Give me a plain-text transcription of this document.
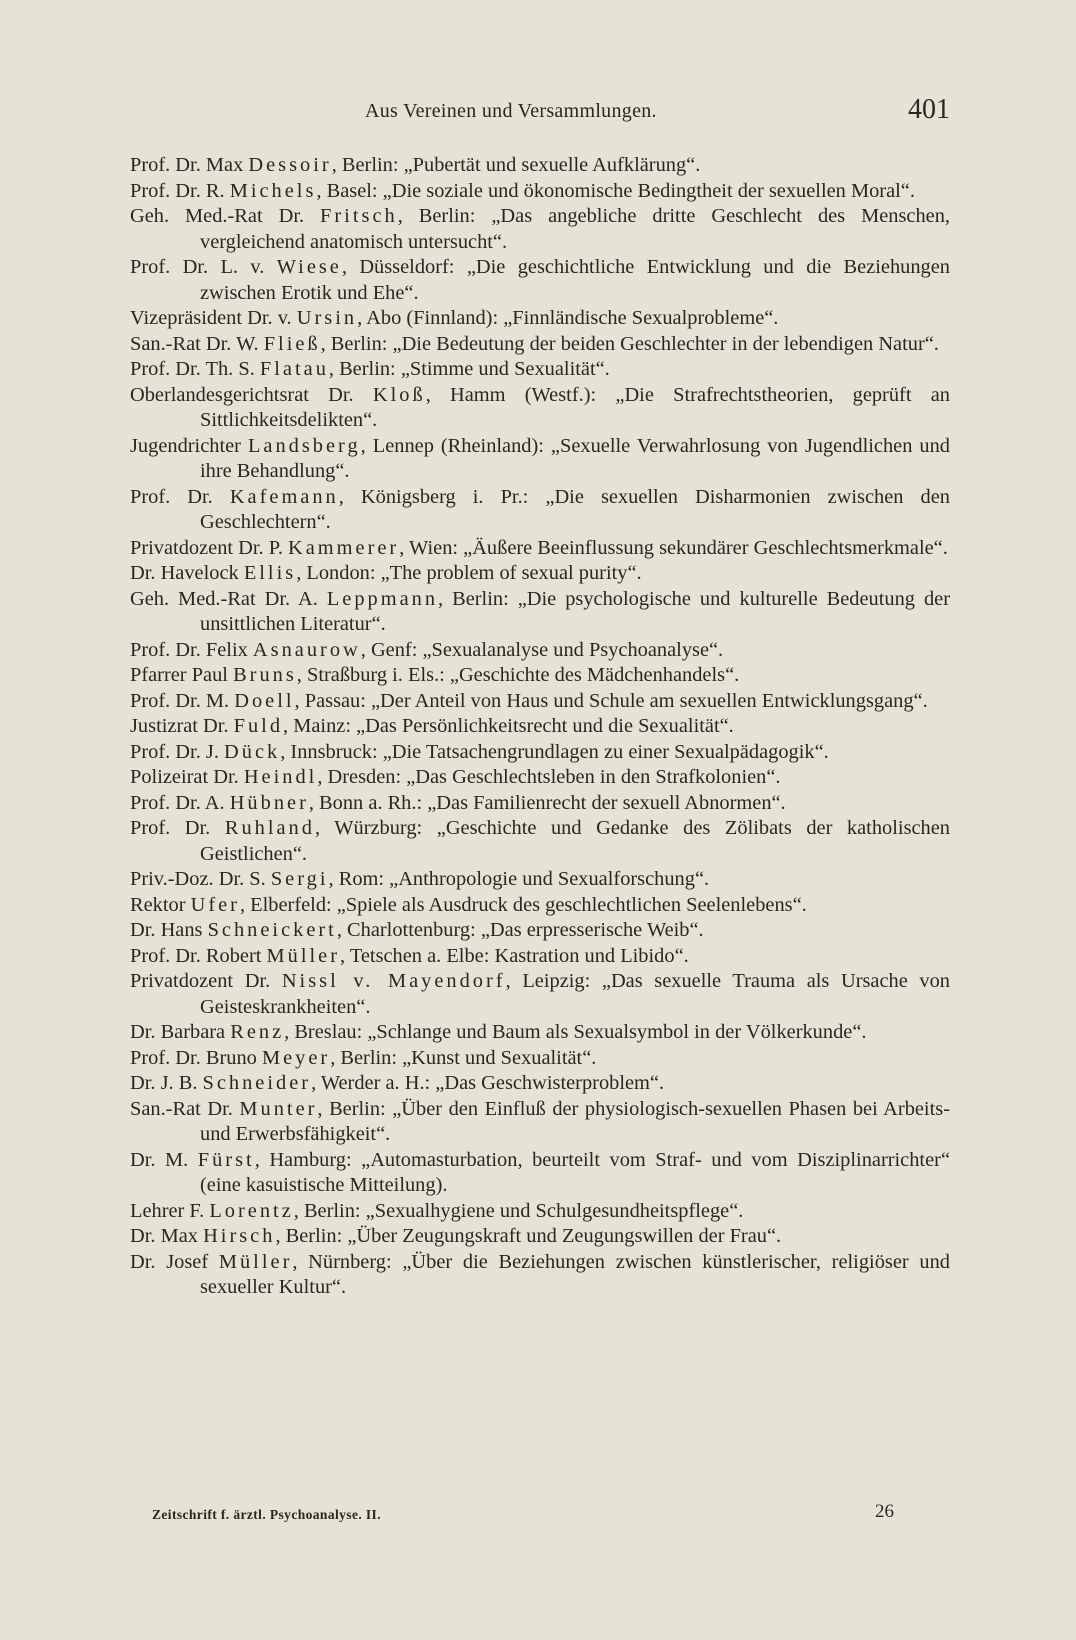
Aus Vereinen und Versammlungen.	401
Prof. Dr. Max Dessoir, Berlin: „Pubertät und sexuelle Aufklärung“.
Prof. Dr. R. Michels, Basel: „Die soziale und ökonomische Bedingtheit der sexuellen Moral“.
Geh. Med.-Rat Dr. Fritsch, Berlin: „Das angebliche dritte Geschlecht des Menschen, vergleichend anatomisch untersucht“.
Prof. Dr. L. v. Wiese, Düsseldorf: „Die geschichtliche Entwicklung und die Beziehungen zwischen Erotik und Ehe“.
Vizepräsident Dr. v. Ursin, Abo (Finnland): „Finnländische Sexualprobleme“.
San.-Rat Dr. W. Fließ, Berlin: „Die Bedeutung der beiden Geschlechter in der lebendigen Natur“.
Prof. Dr. Th. S. Flatau, Berlin: „Stimme und Sexualität“.
Oberlandesgerichtsrat Dr. Kloß, Hamm (Westf.): „Die Strafrechtstheorien, geprüft an Sittlichkeitsdelikten“.
Jugendrichter Landsberg, Lennep (Rheinland): „Sexuelle Verwahrlosung von Jugendlichen und ihre Behandlung“.
Prof. Dr. Kafemann, Königsberg i. Pr.: „Die sexuellen Disharmonien zwischen den Geschlechtern“.
Privatdozent Dr. P. Kammerer, Wien: „Äußere Beeinflussung sekundärer Geschlechtsmerkmale“.
Dr. Havelock Ellis, London: „The problem of sexual purity“.
Geh. Med.-Rat Dr. A. Leppmann, Berlin: „Die psychologische und kulturelle Bedeutung der unsittlichen Literatur“.
Prof. Dr. Felix Asnaurow, Genf: „Sexualanalyse und Psychoanalyse“.
Pfarrer Paul Bruns, Straßburg i. Els.: „Geschichte des Mädchenhandels“.
Prof. Dr. M. Doell, Passau: „Der Anteil von Haus und Schule am sexuellen Entwicklungsgang“.
Justizrat Dr. Fuld, Mainz: „Das Persönlichkeitsrecht und die Sexualität“.
Prof. Dr. J. Dück, Innsbruck: „Die Tatsachengrundlagen zu einer Sexualpädagogik“.
Polizeirat Dr. Heindl, Dresden: „Das Geschlechtsleben in den Strafkolonien“.
Prof. Dr. A. Hübner, Bonn a. Rh.: „Das Familienrecht der sexuell Abnormen“.
Prof. Dr. Ruhland, Würzburg: „Geschichte und Gedanke des Zölibats der katholischen Geistlichen“.
Priv.-Doz. Dr. S. Sergi, Rom: „Anthropologie und Sexualforschung“.
Rektor Ufer, Elberfeld: „Spiele als Ausdruck des geschlechtlichen Seelenlebens“.
Dr. Hans Schneickert, Charlottenburg: „Das erpresserische Weib“.
Prof. Dr. Robert Müller, Tetschen a. Elbe: Kastration und Libido“.
Privatdozent Dr. Nissl v. Mayendorf, Leipzig: „Das sexuelle Trauma als Ursache von Geisteskrankheiten“.
Dr. Barbara Renz, Breslau: „Schlange und Baum als Sexualsymbol in der Völkerkunde“.
Prof. Dr. Bruno Meyer, Berlin: „Kunst und Sexualität“.
Dr. J. B. Schneider, Werder a. H.: „Das Geschwisterproblem“.
San.-Rat Dr. Munter, Berlin: „Über den Einfluß der physiologisch-sexuellen Phasen bei Arbeits- und Erwerbsfähigkeit“.
Dr. M. Fürst, Hamburg: „Automasturbation, beurteilt vom Straf- und vom Disziplinarrichter“ (eine kasuistische Mitteilung).
Lehrer F. Lorentz, Berlin: „Sexualhygiene und Schulgesundheitspflege“.
Dr. Max Hirsch, Berlin: „Über Zeugungskraft und Zeugungswillen der Frau“.
Dr. Josef Müller, Nürnberg: „Über die Beziehungen zwischen künstlerischer, religiöser und sexueller Kultur“.
Zeitschrift f. ärztl. Psychoanalyse. II.	26
